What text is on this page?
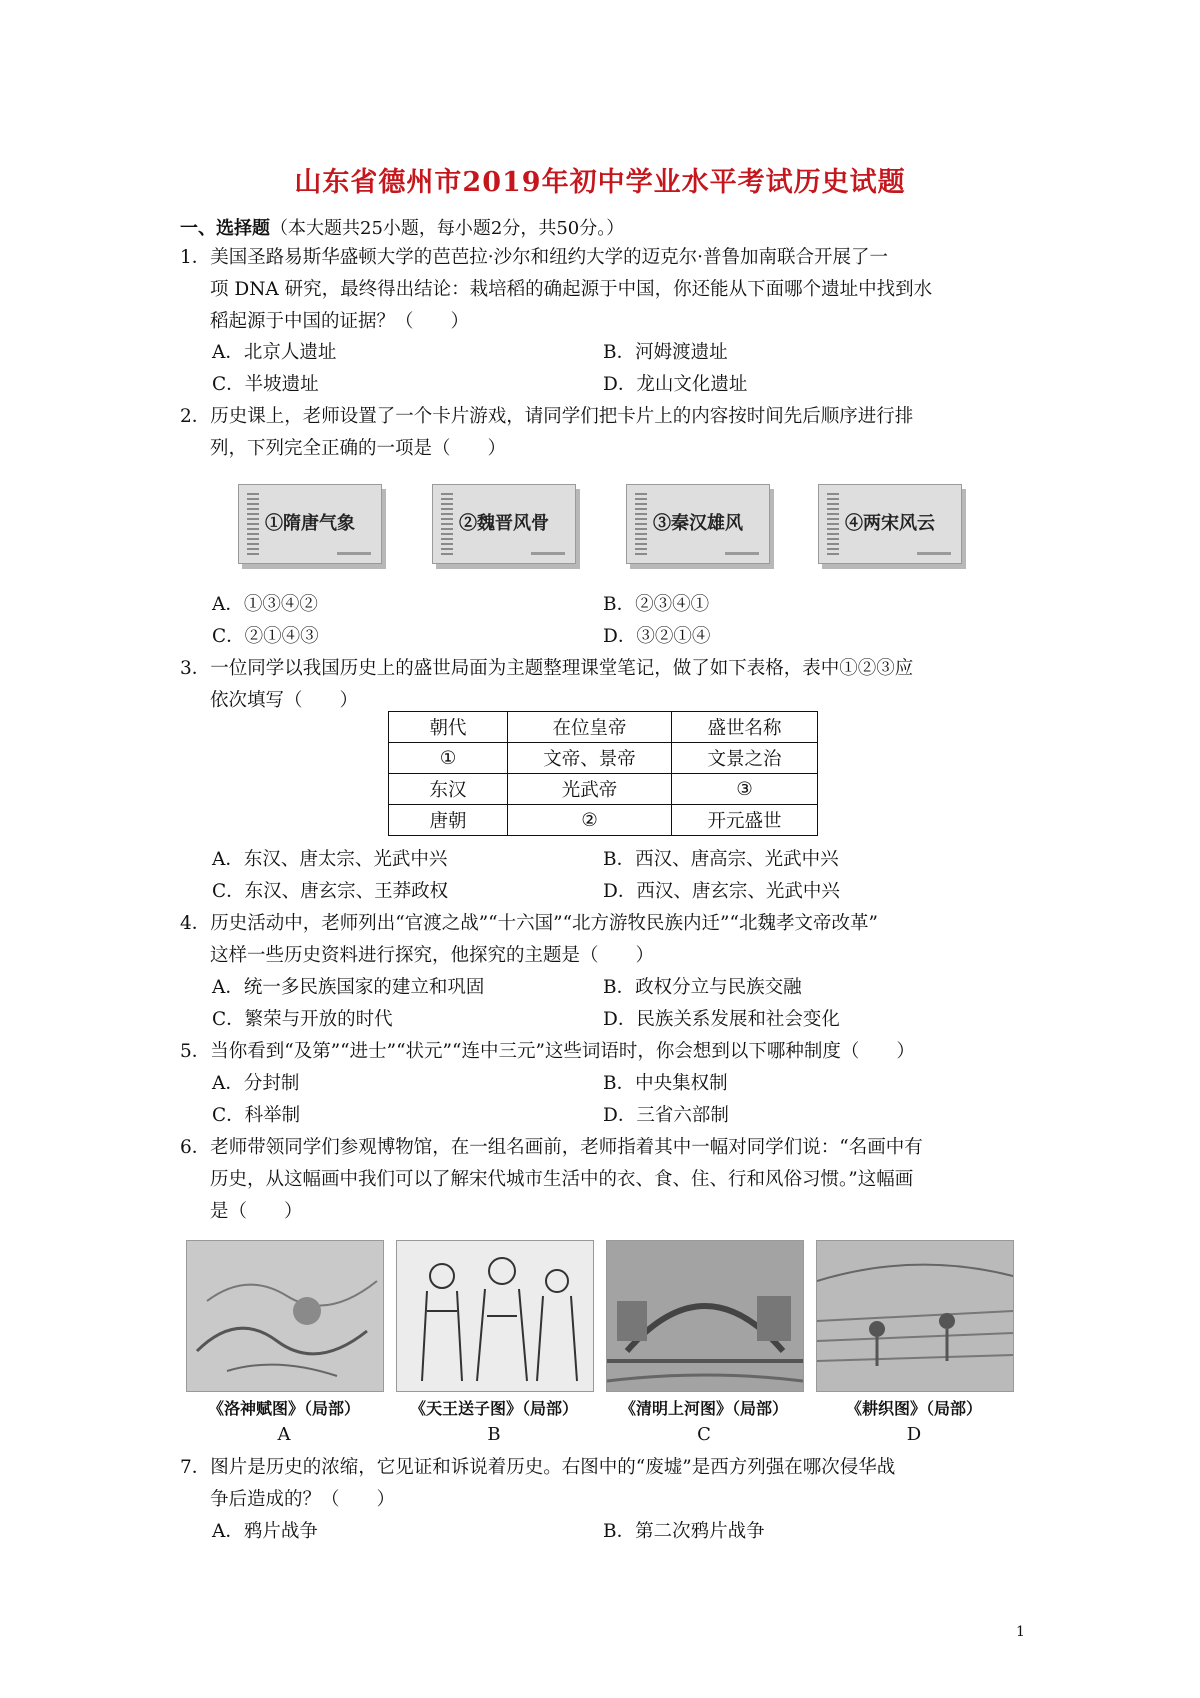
山东省德州市2019年初中学业水平考试历史试题
一、选择题（本大题共25小题，每小题2分，共50分。）
1．美国圣路易斯华盛顿大学的芭芭拉·沙尔和纽约大学的迈克尔·普鲁加南联合开展了一
项 DNA 研究，最终得出结论：栽培稻的确起源于中国，你还能从下面哪个遗址中找到水
稻起源于中国的证据？（　　）
A．北京人遗址	B．河姆渡遗址
C．半坡遗址	D．龙山文化遗址
2．历史课上，老师设置了一个卡片游戏，请同学们把卡片上的内容按时间先后顺序进行排
列，下列完全正确的一项是（　　）
①隋唐气象	②魏晋风骨	③秦汉雄风	④两宋风云
A．①③④②	B．②③④①
C．②①④③	D．③②①④
3．一位同学以我国历史上的盛世局面为主题整理课堂笔记，做了如下表格，表中①②③应
依次填写（　　）
朝代	在位皇帝	盛世名称
①	文帝、景帝	文景之治
东汉	光武帝	③
唐朝	②	开元盛世
A．东汉、唐太宗、光武中兴	B．西汉、唐高宗、光武中兴
C．东汉、唐玄宗、王莽政权	D．西汉、唐玄宗、光武中兴
4．历史活动中，老师列出“官渡之战”“十六国”“北方游牧民族内迁”“北魏孝文帝改革”
这样一些历史资料进行探究，他探究的主题是（　　）
A．统一多民族国家的建立和巩固	B．政权分立与民族交融
C．繁荣与开放的时代	D．民族关系发展和社会变化
5．当你看到“及第”“进士”“状元”“连中三元”这些词语时，你会想到以下哪种制度（　　）
A．分封制	B．中央集权制
C．科举制	D．三省六部制
6．老师带领同学们参观博物馆，在一组名画前，老师指着其中一幅对同学们说：“名画中有
历史，从这幅画中我们可以了解宋代城市生活中的衣、食、住、行和风俗习惯。”这幅画
是（　　）
《洛神赋图》（局部）
A
《天王送子图》（局部）
B
《清明上河图》（局部）
C
《耕织图》（局部）
D
7．图片是历史的浓缩，它见证和诉说着历史。右图中的“废墟”是西方列强在哪次侵华战
争后造成的？（　　）
A．鸦片战争	B．第二次鸦片战争
1
